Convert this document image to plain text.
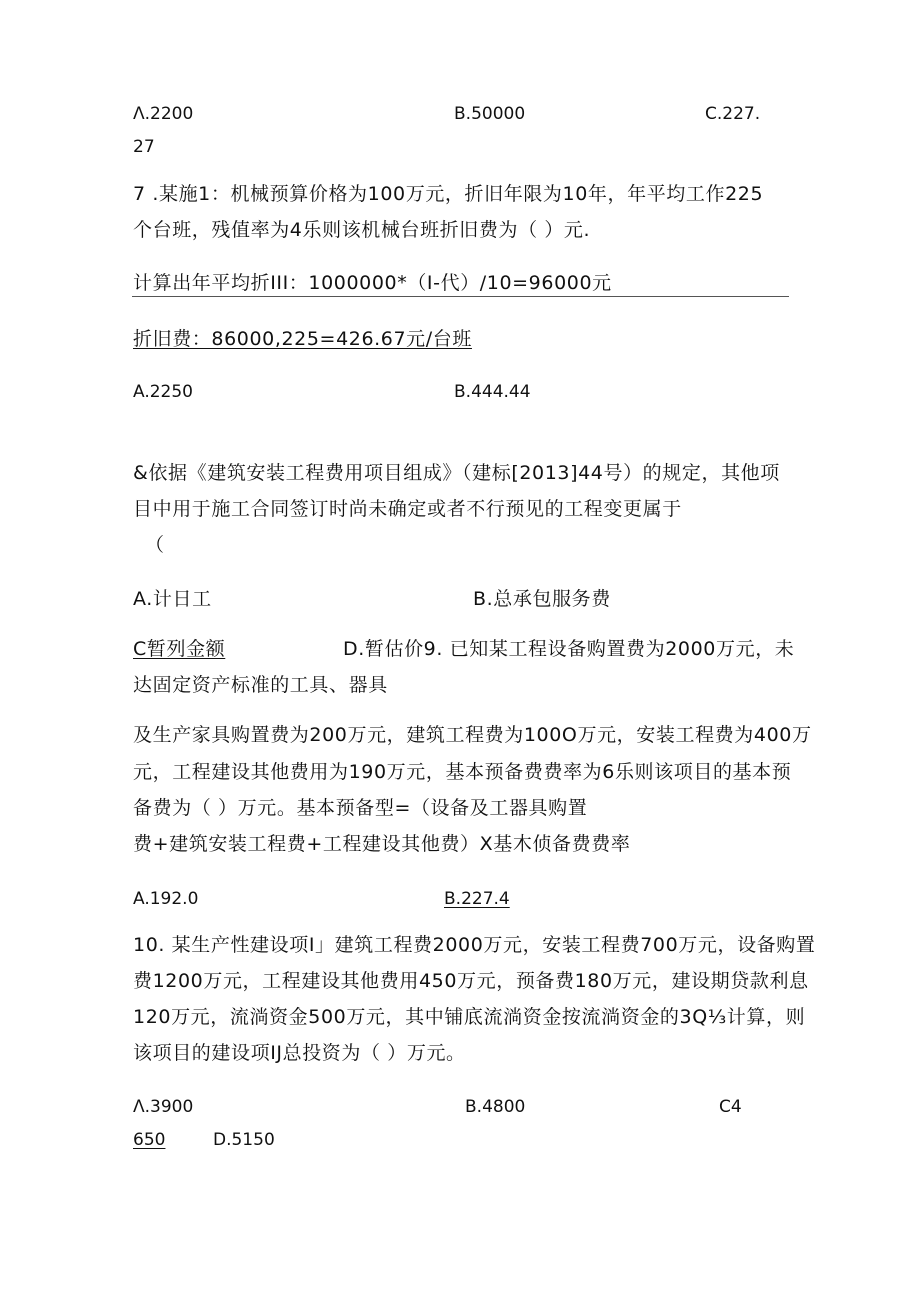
Λ.2200	B.50000	C.227.
27
7 .某施1：机械预算价格为100万元，折旧年限为10年，年平均工作225
个台班，残值率为4乐则该机械台班折旧费为（ ）元.
计算出年平均折III：1000000*（I-代）/10=96000元
折旧费：86000,225=426.67元/台班
A.2250	B.444.44
&依据《建筑安装工程费用项目组成》（建标[2013]44号）的规定，其他项
目中用于施工合同签订时尚未确定或者不行预见的工程变更属于
（
A.计日工	B.总承包服务费
C暂列金额	D.暂估价9. 已知某工程设备购置费为2000万元，未
达固定资产标准的工具、器具
及生产家具购置费为200万元，建筑工程费为100O万元，安装工程费为400万
元，工程建设其他费用为190万元，基本预备费费率为6乐则该项目的基本预
备费为（ ）万元。基本预备型=（设备及工器具购置
费+建筑安装工程费+工程建设其他费）X基木侦备费费率
A.192.0	B.227.4
10. 某生产性建设项I」建筑工程费2000万元，安装工程费700万元，设备购置
费1200万元，工程建设其他费用450万元，预备费180万元，建设期贷款利息
120万元，流淌资金500万元，其中铺底流淌资金按流淌资金的3Q⅓计算，则
该项目的建设项IJ总投资为（ ）万元。
Λ.3900	B.4800	C4
650	D.5150
